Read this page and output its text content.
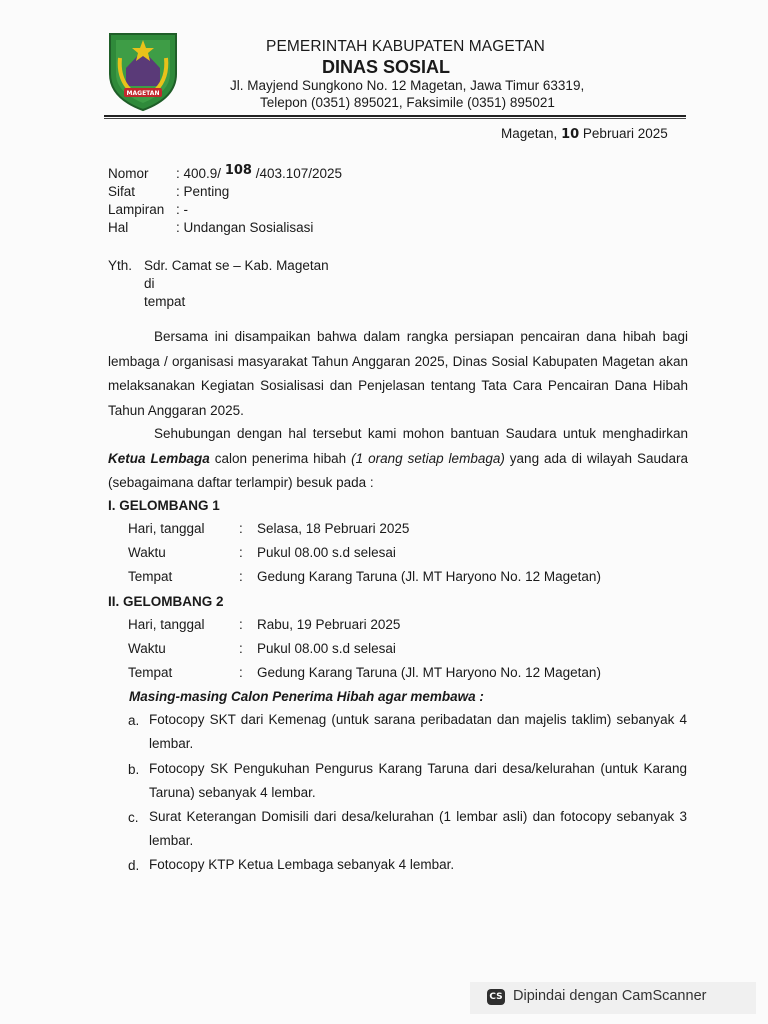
MAGETAN
PEMERINTAH KABUPATEN MAGETAN
DINAS SOSIAL
Jl. Mayjend Sungkono No. 12 Magetan, Jawa Timur 63319,
Telepon (0351) 895021, Faksimile (0351) 895021
Magetan, 10 Pebruari 2025
Nomor : 400.9/ 108 /403.107/2025
Sifat	: Penting
Lampiran : -
Hal	: Undangan Sosialisasi
Yth. Sdr. Camat se – Kab. Magetan
di
tempat
Bersama ini disampaikan bahwa dalam rangka persiapan pencairan dana hibah bagi lembaga / organisasi masyarakat Tahun Anggaran 2025, Dinas Sosial Kabupaten Magetan akan melaksanakan Kegiatan Sosialisasi dan Penjelasan tentang Tata Cara Pencairan Dana Hibah Tahun Anggaran 2025.
Sehubungan dengan hal tersebut kami mohon bantuan Saudara untuk menghadirkan Ketua Lembaga calon penerima hibah (1 orang setiap lembaga) yang ada di wilayah Saudara (sebagaimana daftar terlampir) besuk pada :
I. GELOMBANG 1
Hari, tanggal	: Selasa, 18 Pebruari 2025
Waktu	: Pukul 08.00 s.d selesai
Tempat	: Gedung Karang Taruna (Jl. MT Haryono No. 12 Magetan)
II. GELOMBANG 2
Hari, tanggal	: Rabu, 19 Pebruari 2025
Waktu	: Pukul 08.00 s.d selesai
Tempat	: Gedung Karang Taruna (Jl. MT Haryono No. 12 Magetan)
Masing-masing Calon Penerima Hibah agar membawa :
a. Fotocopy SKT dari Kemenag (untuk sarana peribadatan dan majelis taklim) sebanyak 4 lembar.
b. Fotocopy SK Pengukuhan Pengurus Karang Taruna dari desa/kelurahan (untuk Karang Taruna) sebanyak 4 lembar.
c. Surat Keterangan Domisili dari desa/kelurahan (1 lembar asli) dan fotocopy sebanyak 3 lembar.
d. Fotocopy KTP Ketua Lembaga sebanyak 4 lembar.
CS Dipindai dengan CamScanner
